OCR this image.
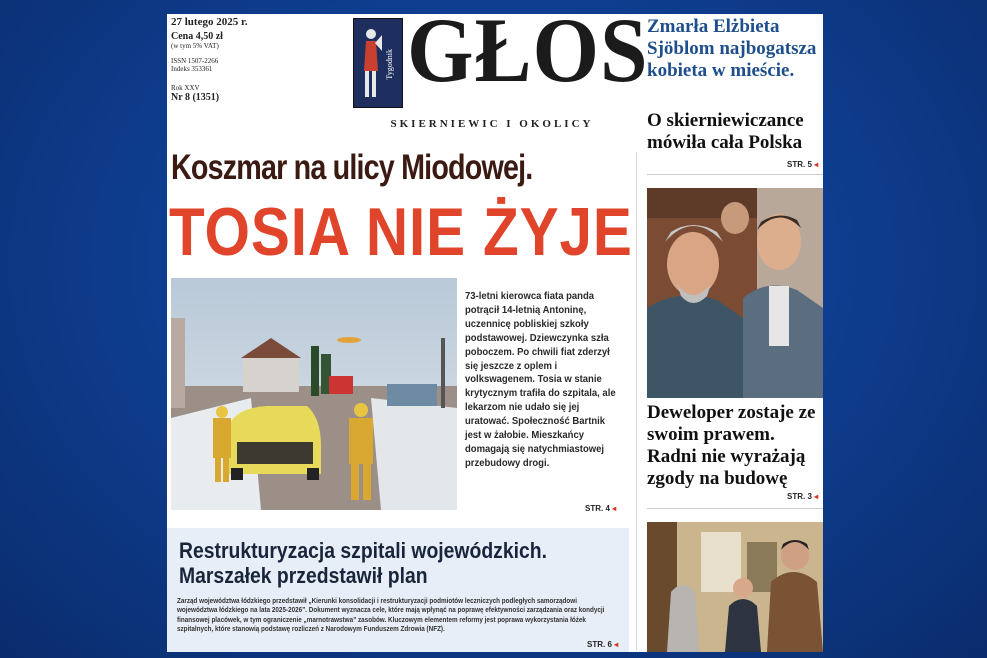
27 lutego 2025 r.
Cena 4,50 zł
(w tym 5% VAT)
ISSN 1507-2266
Indeks 353361
Rok XXV
Nr 8 (1351)
Tygodnik GŁOS
SKIERNIEWIC I OKOLICY
Koszmar na ulicy Miodowej.
TOSIA NIE ŻYJE
73-letni kierowca fiata panda potrącił 14-letnią Antoninę, uczennicę pobliskiej szkoły podstawowej. Dziewczynka szła poboczem. Po chwili fiat zderzył się jeszcze z oplem i volkswagenem. Tosia w stanie krytycznym trafiła do szpitala, ale lekarzom nie udało się jej uratować. Społeczność Bartnik jest w żałobie. Mieszkańcy domagają się natychmiastowej przebudowy drogi.
STR. 4 ◂
Restrukturyzacja szpitali wojewódzkich. Marszałek przedstawił plan
Zarząd województwa łódzkiego przedstawił „Kierunki konsolidacji i restrukturyzacji podmiotów leczniczych podległych samorządowi województwa łódzkiego na lata 2025-2026”. Dokument wyznacza cele, które mają wpłynąć na poprawę efektywności zarządzania oraz kondycji finansowej placówek, w tym ograniczenie „marnotrawstwa” zasobów. Kluczowym elementem reformy jest poprawa wykorzystania łóżek szpitalnych, które stanowią podstawę rozliczeń z Narodowym Funduszem Zdrowia (NFZ).
STR. 6 ◂
Zmarła Elżbieta Sjöblom najbogatsza kobieta w mieście.
O skierniewiczance mówiła cała Polska
STR. 5 ◂
Deweloper zostaje ze swoim prawem. Radni nie wyrażają zgody na budowę
STR. 3 ◂
